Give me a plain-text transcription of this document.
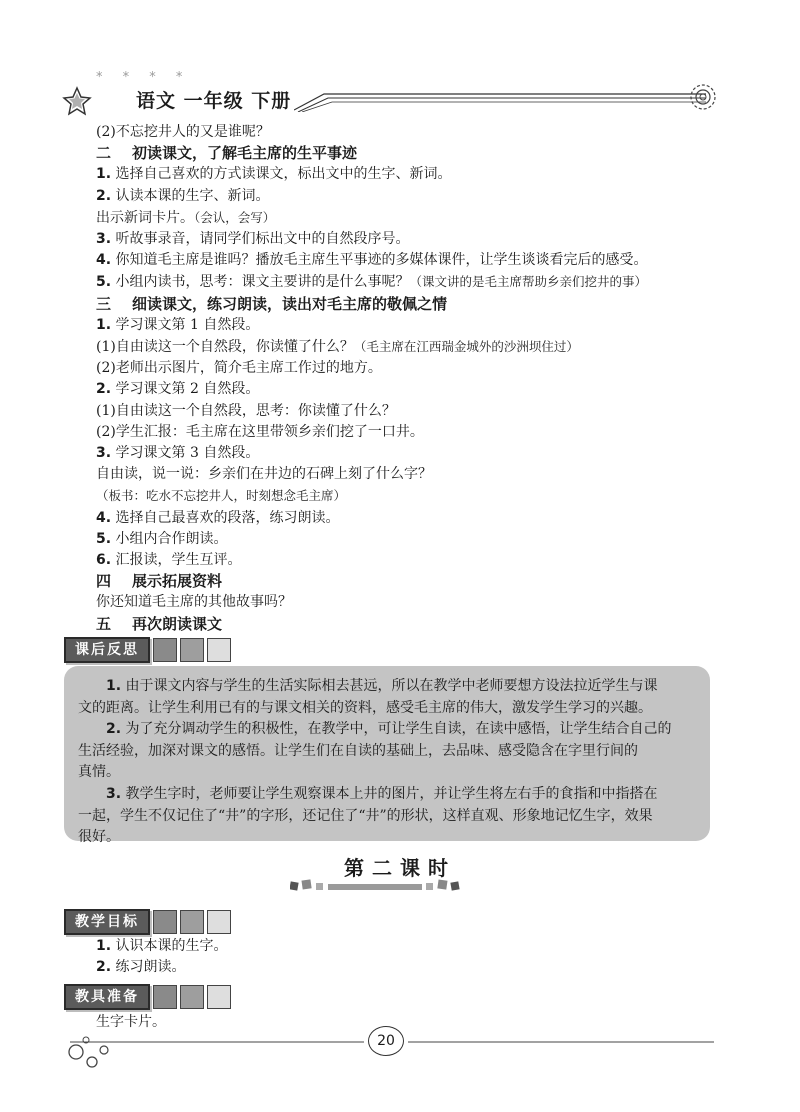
* * * *
语文 一年级 下册
(2)不忘挖井人的又是谁呢？
二 初读课文，了解毛主席的生平事迹
1. 选择自己喜欢的方式读课文，标出文中的生字、新词。
2. 认读本课的生字、新词。
出示新词卡片。（会认，会写）
3. 听故事录音，请同学们标出文中的自然段序号。
4. 你知道毛主席是谁吗？播放毛主席生平事迹的多媒体课件，让学生谈谈看完后的感受。
5. 小组内读书，思考：课文主要讲的是什么事呢？（课文讲的是毛主席帮助乡亲们挖井的事）
三 细读课文，练习朗读，读出对毛主席的敬佩之情
1. 学习课文第 1 自然段。
(1)自由读这一个自然段，你读懂了什么？（毛主席在江西瑞金城外的沙洲坝住过）
(2)老师出示图片，简介毛主席工作过的地方。
2. 学习课文第 2 自然段。
(1)自由读这一个自然段，思考：你读懂了什么？
(2)学生汇报：毛主席在这里带领乡亲们挖了一口井。
3. 学习课文第 3 自然段。
自由读，说一说：乡亲们在井边的石碑上刻了什么字？
（板书：吃水不忘挖井人，时刻想念毛主席）
4. 选择自己最喜欢的段落，练习朗读。
5. 小组内合作朗读。
6. 汇报读，学生互评。
四 展示拓展资料
你还知道毛主席的其他故事吗？
五 再次朗读课文
课后反思

1. 由于课文内容与学生的生活实际相去甚远，所以在教学中老师要想方设法拉近学生与课
文的距离。让学生利用已有的与课文相关的资料，感受毛主席的伟大，激发学生学习的兴趣。

2. 为了充分调动学生的积极性，在教学中，可让学生自读，在读中感悟，让学生结合自己的
生活经验，加深对课文的感悟。让学生们在自读的基础上，去品味、感受隐含在字里行间的
真情。

3. 教学生字时，老师要让学生观察课本上井的图片，并让学生将左右手的食指和中指搭在
一起，学生不仅记住了“井”的字形，还记住了“井”的形状，这样直观、形象地记忆生字，效果
很好。

第二课时
教学目标
1. 认识本课的生字。
2. 练习朗读。
教具准备
生字卡片。
20
